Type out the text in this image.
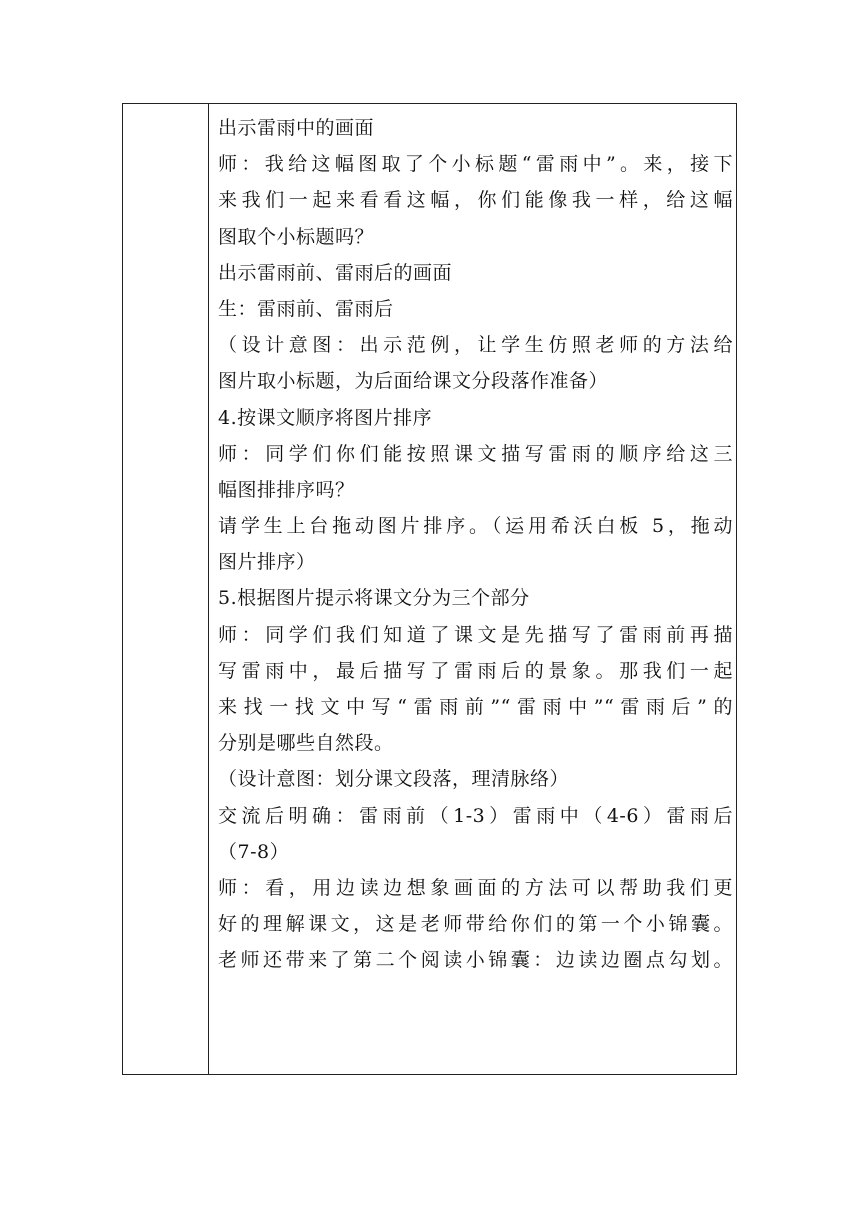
出示雷雨中的画面
师：我给这幅图取了个小标题“雷雨中”。来，接下
来我们一起来看看这幅，你们能像我一样，给这幅
图取个小标题吗？
出示雷雨前、雷雨后的画面
生：雷雨前、雷雨后
（设计意图：出示范例，让学生仿照老师的方法给
图片取小标题，为后面给课文分段落作准备）
4.按课文顺序将图片排序
师：同学们你们能按照课文描写雷雨的顺序给这三
幅图排排序吗？
请学生上台拖动图片排序。（运用希沃白板 5，拖动
图片排序）
5.根据图片提示将课文分为三个部分
师：同学们我们知道了课文是先描写了雷雨前再描
写雷雨中，最后描写了雷雨后的景象。那我们一起
来找一找文中写“雷雨前”“雷雨中”“雷雨后”的
分别是哪些自然段。
（设计意图：划分课文段落，理清脉络）
交流后明确：雷雨前（1-3）雷雨中（4-6）雷雨后
（7-8）
师：看，用边读边想象画面的方法可以帮助我们更
好的理解课文，这是老师带给你们的第一个小锦囊。
老师还带来了第二个阅读小锦囊：边读边圈点勾划。
